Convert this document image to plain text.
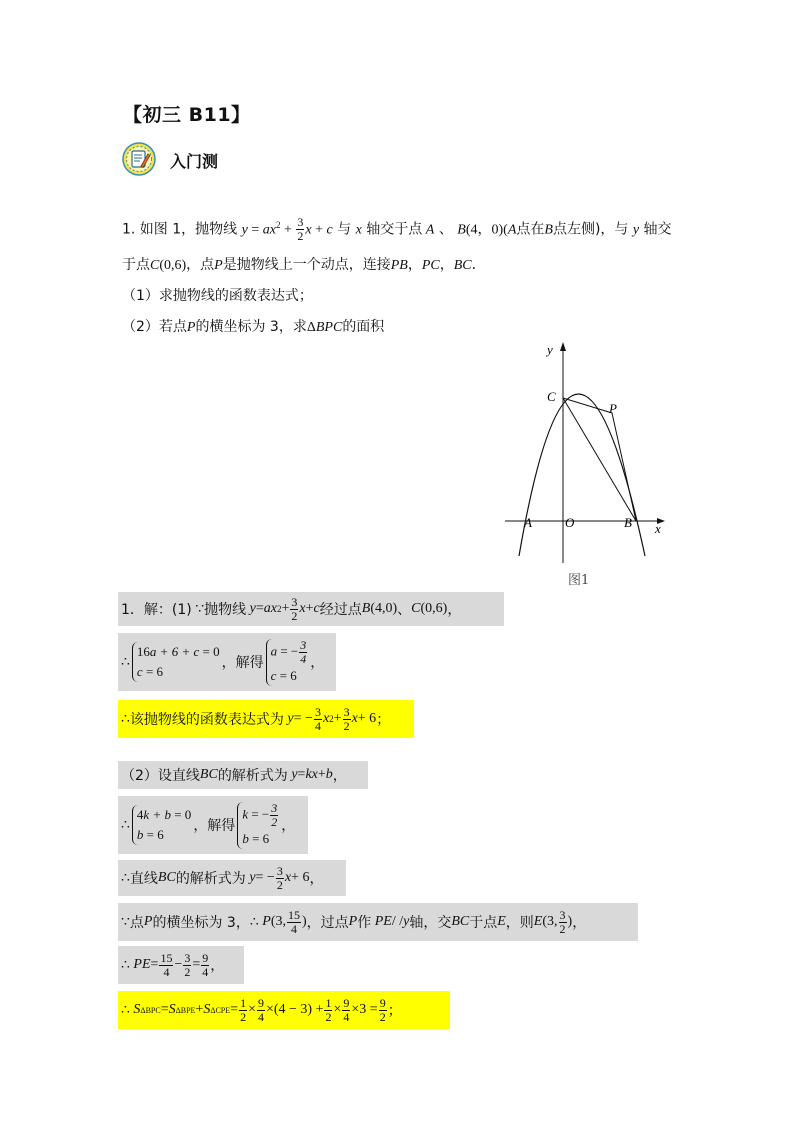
【初三 B11】
入门测
1. 如图 1，抛物线 $y = ax^2 + \frac{3}{2}$ x + c 与 x 轴交于点 A 、 B(4，0)(A点在B点左侧)，与 y 轴交
于点C(0,6)，点P是抛物线上一个动点，连接PB，PC，BC．
（1）求抛物线的函数表达式；
（2）若点P的横坐标为 3，求ΔBPC的面积
y
x
C
P
A	O	B
图1
1．解：(1) ∵ 抛物线 y = ax $2 + \frac{3}{2}$ x + c 经过点 B (4,0) 、 C (0,6) ，
∴
16a + 6 + c = 0
c = 6
，解得
a = − $\frac{3}{4}$
c = 6
，
∴ 该抛物线的函数表达式为 y = − $\frac{3}{4}$ x $2 + \frac{3}{2}$ x + 6 ；
（2）设直线 BC 的解析式为 y = kx + b ，
∴
4k + b = 0
b = 6
，解得
k = − $\frac{3}{2}$
b = 6
，
∴ 直线 BC 的解析式为 y = − $\frac{3}{2}$ x + 6 ，
∵ 点 P 的横坐标为 3， ∴ P (3, $\frac{15}{4}$ ) ，过点 P 作 PE / / y 轴，交 BC 于点 E ，则 E (3, $\frac{3}{2}$ ) ，
∴ PE = $\frac{15}{4} - \frac{3}{2} = \frac{9}{4}$ ，
∴ S ΔBPC = S ΔBPE + S $\Delta CPE = \frac{1}{2} \times \frac{9}{4} \times(4 - 3) + \frac{1}{2} \times \frac{9}{4} \times 3 = \frac{9}{2}$ ；
